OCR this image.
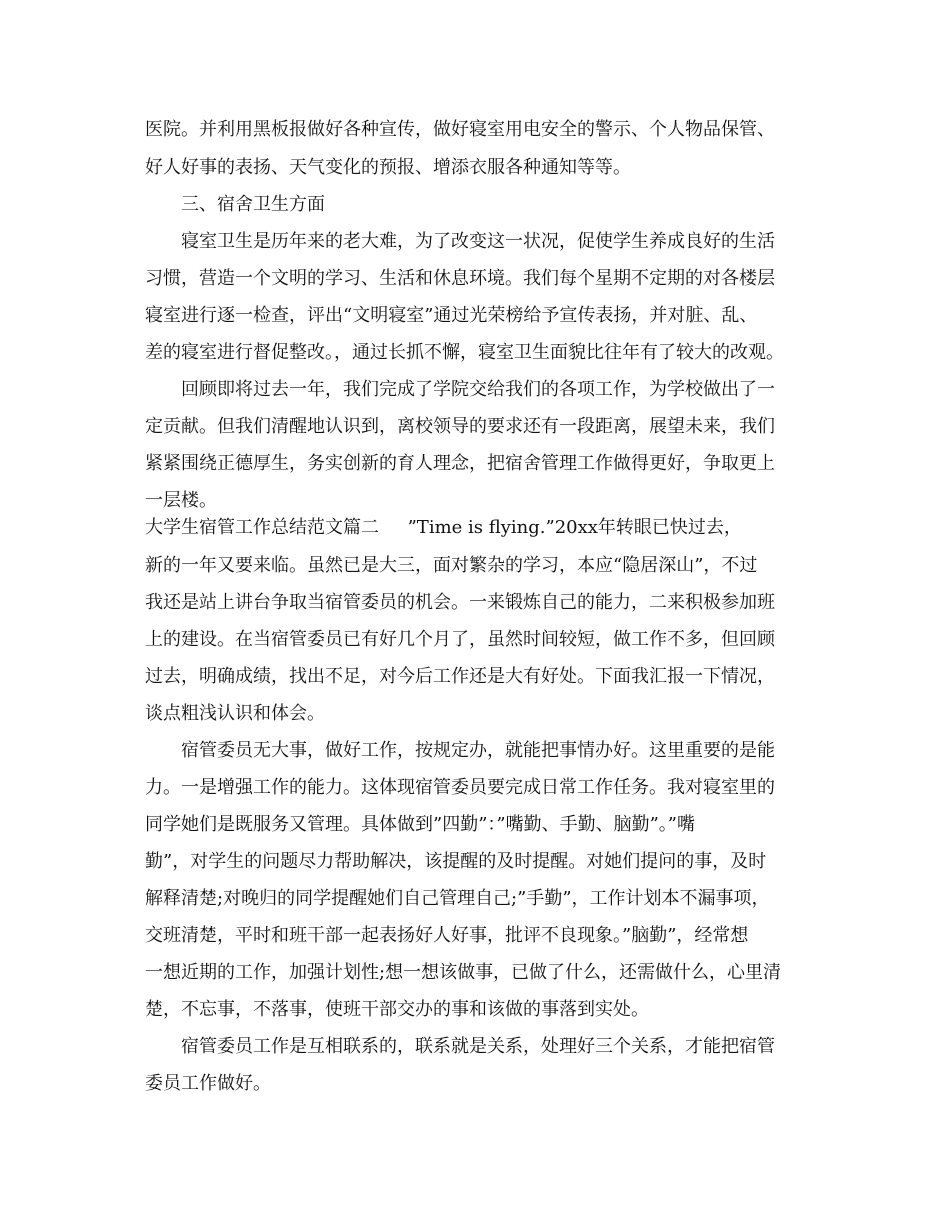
医院。并利用黑板报做好各种宣传，做好寝室用电安全的警示、个人物品保管、
好人好事的表扬、天气变化的预报、增添衣服各种通知等等。
三、宿舍卫生方面
寝室卫生是历年来的老大难，为了改变这一状况，促使学生养成良好的生活
习惯，营造一个文明的学习、生活和休息环境。我们每个星期不定期的对各楼层
寝室进行逐一检查，评出“文明寝室”通过光荣榜给予宣传表扬，并对脏、乱、
差的寝室进行督促整改。，通过长抓不懈，寝室卫生面貌比往年有了较大的改观。
回顾即将过去一年，我们完成了学院交给我们的各项工作，为学校做出了一
定贡献。但我们清醒地认识到，离校领导的要求还有一段距离，展望未来，我们
紧紧围绕正德厚生，务实创新的育人理念，把宿舍管理工作做得更好，争取更上
一层楼。
大学生宿管工作总结范文篇二     ”Time is flying.”20xx年转眼已快过去，
新的一年又要来临。虽然已是大三，面对繁杂的学习，本应“隐居深山”，不过
我还是站上讲台争取当宿管委员的机会。一来锻炼自己的能力，二来积极参加班
上的建设。在当宿管委员已有好几个月了，虽然时间较短，做工作不多，但回顾
过去，明确成绩，找出不足，对今后工作还是大有好处。下面我汇报一下情况，
谈点粗浅认识和体会。
宿管委员无大事，做好工作，按规定办，就能把事情办好。这里重要的是能
力。一是增强工作的能力。这体现宿管委员要完成日常工作任务。我对寝室里的
同学她们是既服务又管理。具体做到”四勤”：”嘴勤、手勤、脑勤”。”嘴
勤”，对学生的问题尽力帮助解决，该提醒的及时提醒。对她们提问的事，及时
解释清楚;对晚归的同学提醒她们自己管理自己;”手勤”，工作计划本不漏事项，
交班清楚，平时和班干部一起表扬好人好事，批评不良现象。”脑勤”，经常想
一想近期的工作，加强计划性;想一想该做事，已做了什么，还需做什么，心里清
楚，不忘事，不落事，使班干部交办的事和该做的事落到实处。
宿管委员工作是互相联系的，联系就是关系，处理好三个关系，才能把宿管
委员工作做好。
